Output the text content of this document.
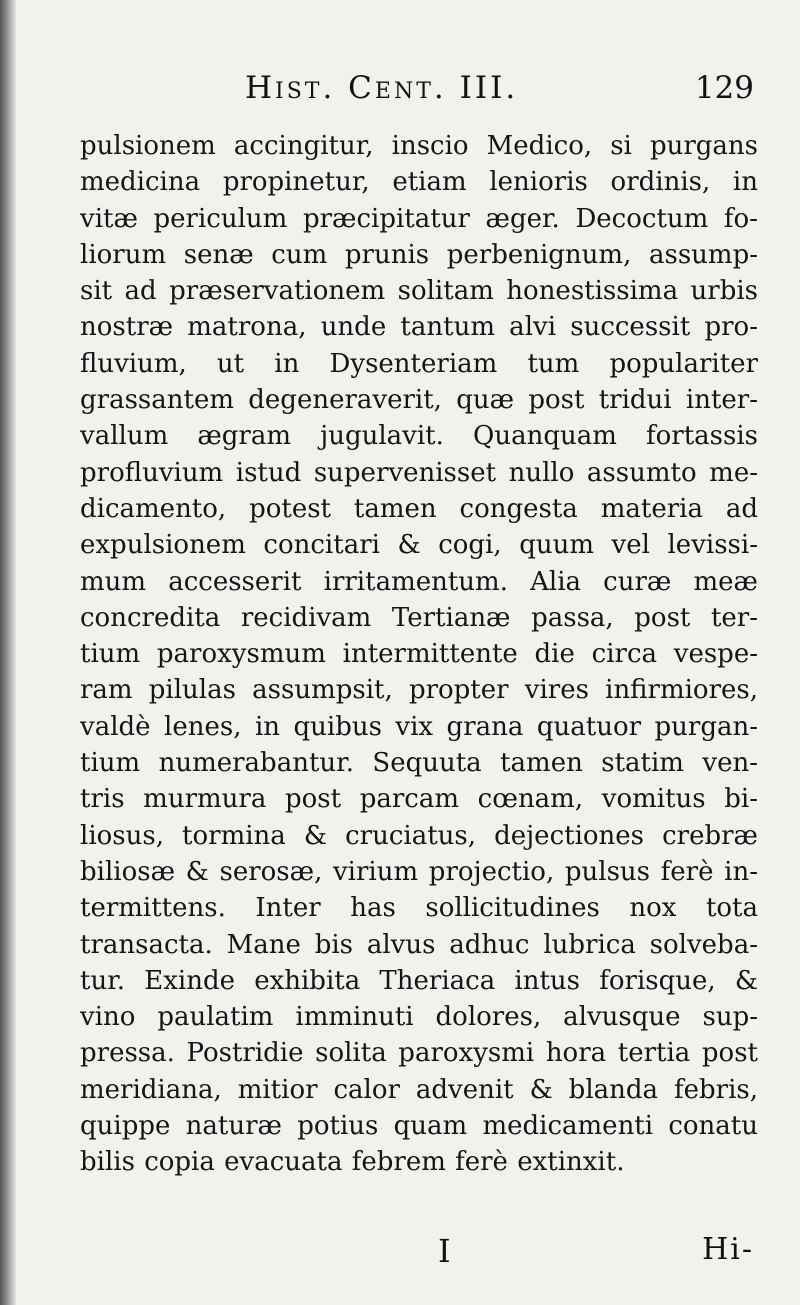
Hist. Cent. III.	129
pulsionem accingitur, inscio Medico, si purgans
medicina propinetur, etiam lenioris ordinis, in
vitæ periculum præcipitatur æger. Decoctum fo-
liorum senæ cum prunis perbenignum, assump-
sit ad præservationem solitam honestissima urbis
nostræ matrona, unde tantum alvi successit pro-
fluvium, ut in Dysenteriam tum populariter
grassantem degeneraverit, quæ post tridui inter-
vallum ægram jugulavit. Quanquam fortassis
profluvium istud supervenisset nullo assumto me-
dicamento, potest tamen congesta materia ad
expulsionem concitari & cogi, quum vel levissi-
mum accesserit irritamentum. Alia curæ meæ
concredita recidivam Tertianæ passa, post ter-
tium paroxysmum intermittente die circa vespe-
ram pilulas assumpsit, propter vires infirmiores,
valdè lenes, in quibus vix grana quatuor purgan-
tium numerabantur. Sequuta tamen statim ven-
tris murmura post parcam cœnam, vomitus bi-
liosus, tormina & cruciatus, dejectiones crebræ
biliosæ & serosæ, virium projectio, pulsus ferè in-
termittens. Inter has sollicitudines nox tota
transacta. Mane bis alvus adhuc lubrica solveba-
tur. Exinde exhibita Theriaca intus forisque, &
vino paulatim imminuti dolores, alvusque sup-
pressa. Postridie solita paroxysmi hora tertia post
meridiana, mitior calor advenit & blanda febris,
quippe naturæ potius quam medicamenti conatu
bilis copia evacuata febrem ferè extinxit.
I	Hi-
